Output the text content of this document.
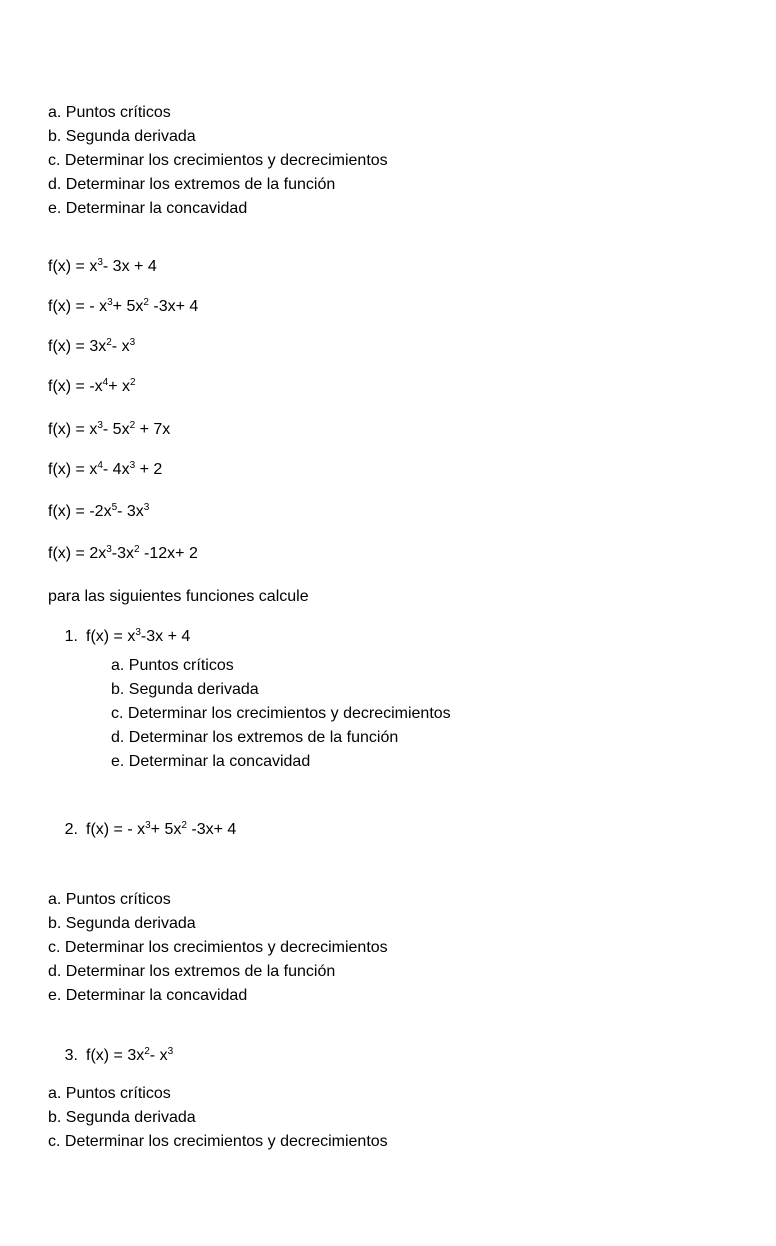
a. Puntos críticos
b. Segunda derivada
c. Determinar los crecimientos y decrecimientos
d. Determinar los extremos de la función
e. Determinar la concavidad
$f(x) = x^3-$ 3x + 4
f(x) = - $x^3+ 5x^2$ -3x+ 4
$f(x) = 3x^2-$ $x^3$
$f(x) = -x^4+ x^2$
$f(x) = x^3-$ $5x^2 + 7x$
$f(x) = x^4-$ $4x^3 + 2$
$f(x) = -2x^5-$ $3x^3$
$f(x) = 2x^3-3x^2$ -12x+ 2
para las siguientes funciones calcule
1. $f(x) = x^3-3x + 4$
a. Puntos críticos
b. Segunda derivada
c. Determinar los crecimientos y decrecimientos
d. Determinar los extremos de la función
e. Determinar la concavidad
2. f(x) = - $x^3+ 5x^2$ -3x+ 4
a. Puntos críticos
b. Segunda derivada
c. Determinar los crecimientos y decrecimientos
d. Determinar los extremos de la función
e. Determinar la concavidad
3. $f(x) = 3x^2-$ $x^3$
a. Puntos críticos
b. Segunda derivada
c. Determinar los crecimientos y decrecimientos
